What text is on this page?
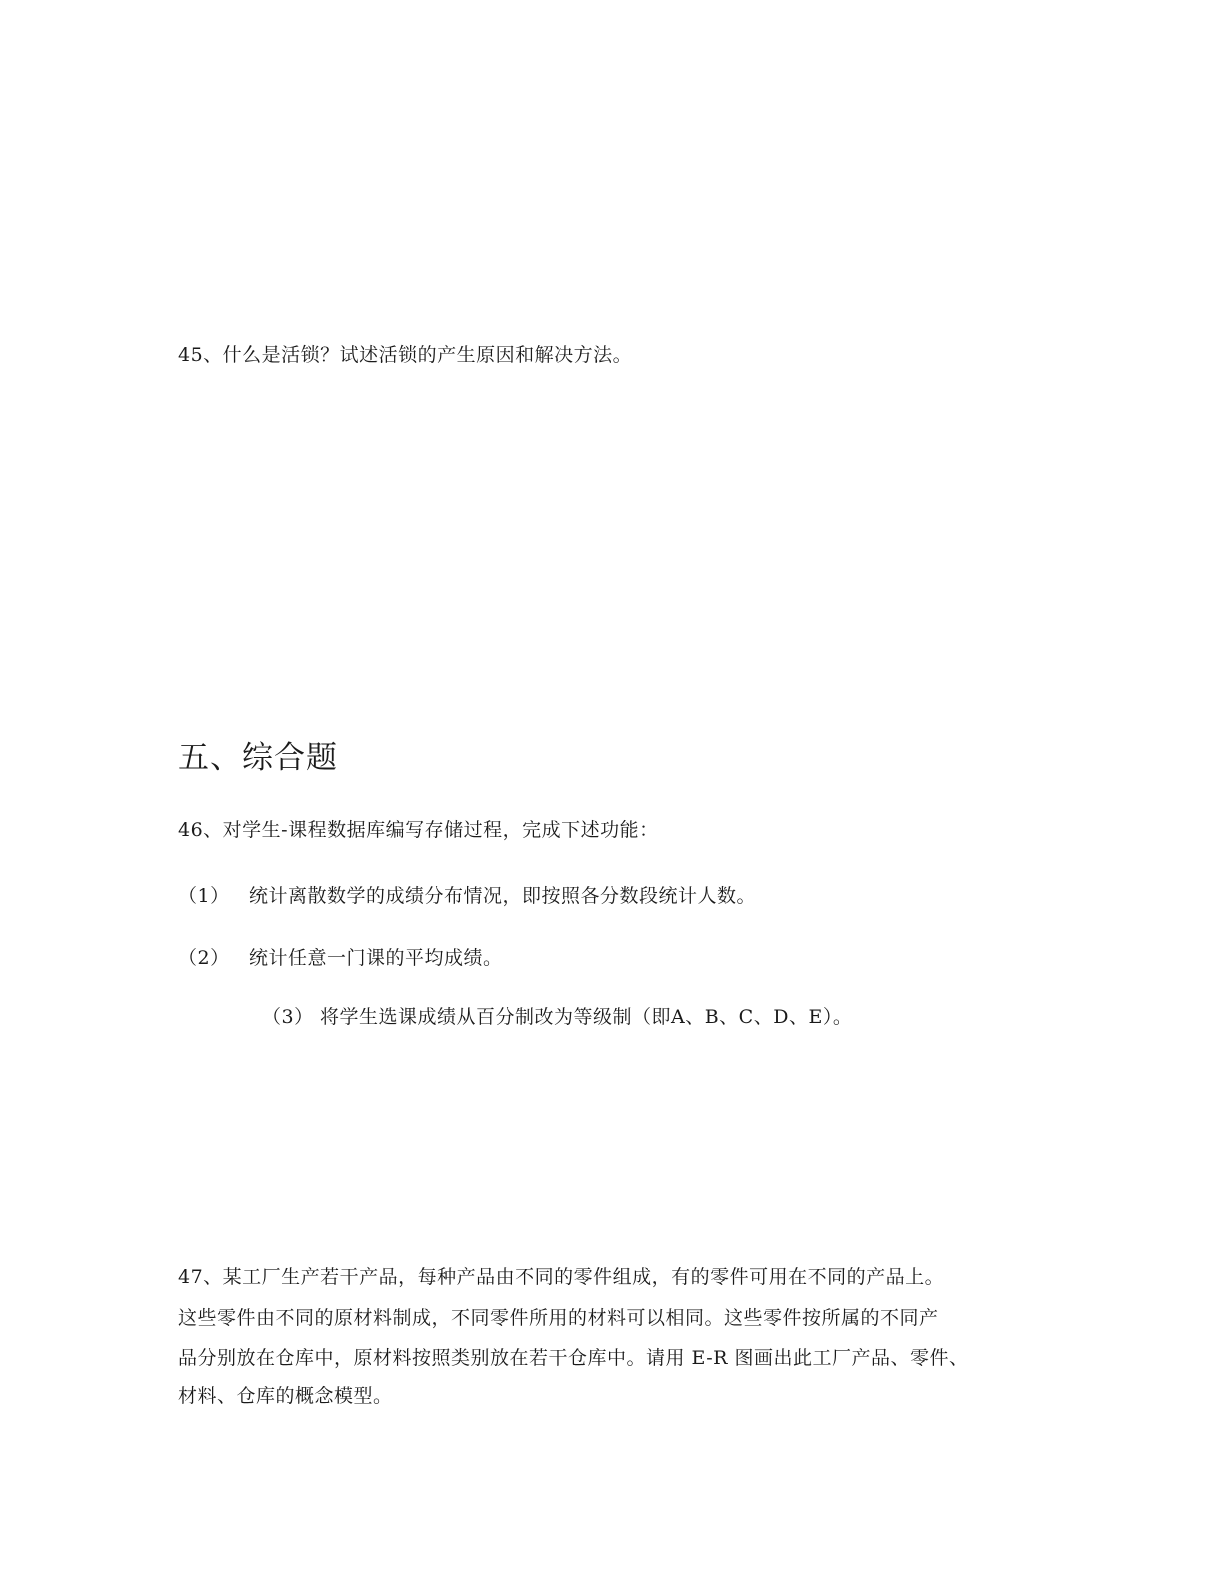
45、什么是活锁？试述活锁的产生原因和解决方法。
五、综合题
46、对学生-课程数据库编写存储过程，完成下述功能：
（1） 统计离散数学的成绩分布情况，即按照各分数段统计人数。
（2） 统计任意一门课的平均成绩。
（3） 将学生选课成绩从百分制改为等级制（即A、B、C、D、E）。
47、某工厂生产若干产品，每种产品由不同的零件组成，有的零件可用在不同的产品上。
这些零件由不同的原材料制成，不同零件所用的材料可以相同。这些零件按所属的不同产
品分别放在仓库中，原材料按照类别放在若干仓库中。请用 E-R 图画出此工厂产品、零件、
材料、仓库的概念模型。
